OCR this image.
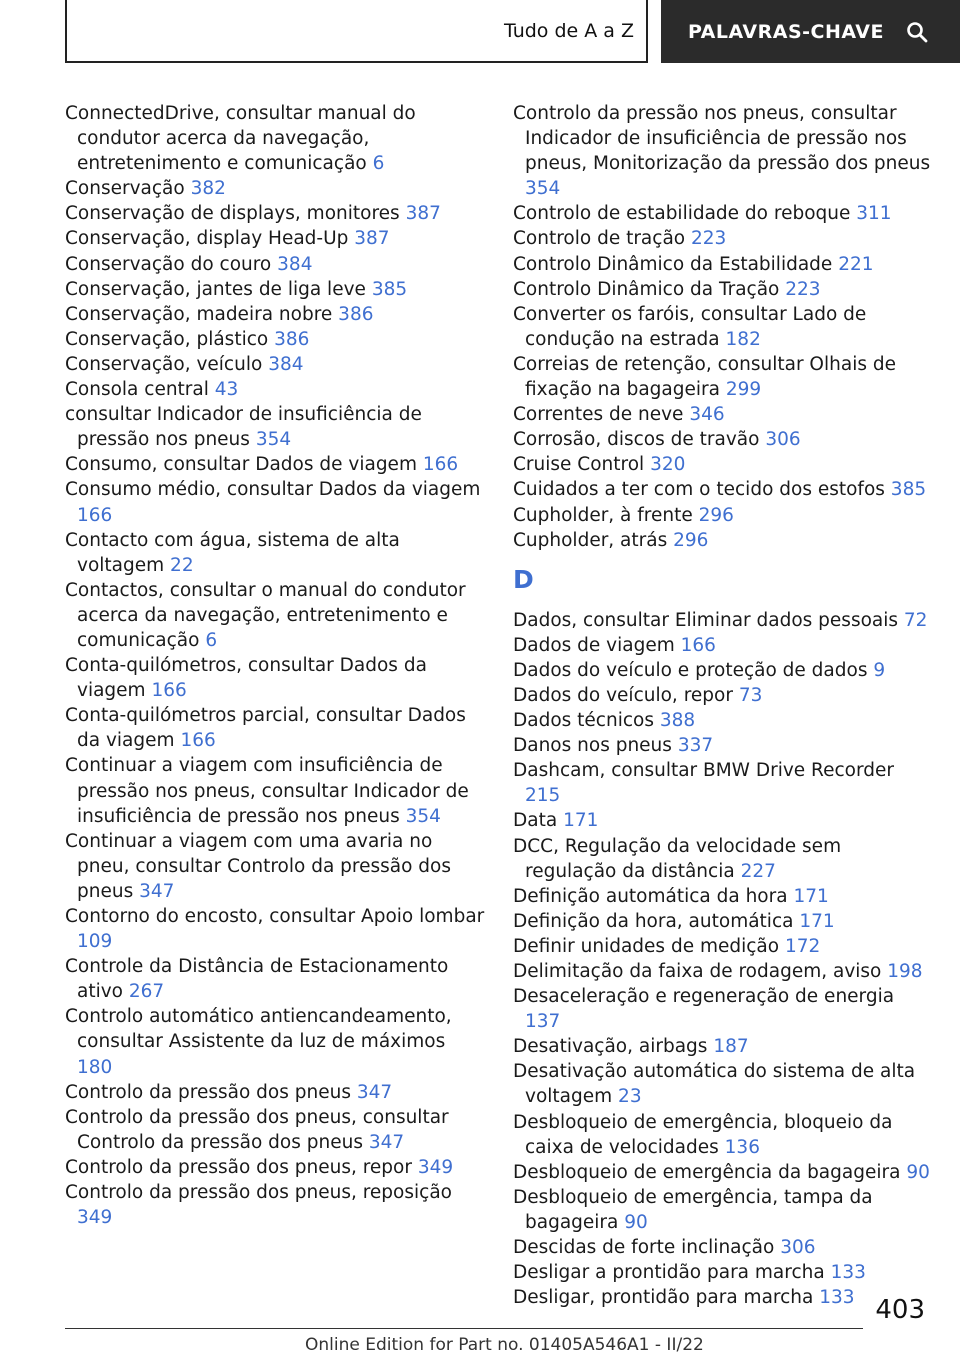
Tudo de A a Z	PALAVRAS-CHAVE
ConnectedDrive, consultar manual do condutor acerca da navegação, entretenimento e comunicação 6
Conservação 382
Conservação de displays, monitores 387
Conservação, display Head-Up 387
Conservação do couro 384
Conservação, jantes de liga leve 385
Conservação, madeira nobre 386
Conservação, plástico 386
Conservação, veículo 384
Consola central 43
consultar Indicador de insuficiência de pressão nos pneus 354
Consumo, consultar Dados de viagem 166
Consumo médio, consultar Dados da viagem 166
Contacto com água, sistema de alta voltagem 22
Contactos, consultar o manual do condutor acerca da navegação, entretenimento e comunicação 6
Conta-quilómetros, consultar Dados da viagem 166
Conta-quilómetros parcial, consultar Dados da viagem 166
Continuar a viagem com insuficiência de pressão nos pneus, consultar Indicador de insuficiência de pressão nos pneus 354
Continuar a viagem com uma avaria no pneu, consultar Controlo da pressão dos pneus 347
Contorno do encosto, consultar Apoio lombar 109
Controle da Distância de Estacionamento ativo 267
Controlo automático antiencandeamento, consultar Assistente da luz de máximos 180
Controlo da pressão dos pneus 347
Controlo da pressão dos pneus, consultar Controlo da pressão dos pneus 347
Controlo da pressão dos pneus, repor 349
Controlo da pressão dos pneus, reposição 349
Controlo da pressão nos pneus, consultar Indicador de insuficiência de pressão nos pneus, Monitorização da pressão dos pneus 354
Controlo de estabilidade do reboque 311
Controlo de tração 223
Controlo Dinâmico da Estabilidade 221
Controlo Dinâmico da Tração 223
Converter os faróis, consultar Lado de condução na estrada 182
Correias de retenção, consultar Olhais de fixação na bagageira 299
Correntes de neve 346
Corrosão, discos de travão 306
Cruise Control 320
Cuidados a ter com o tecido dos estofos 385
Cupholder, à frente 296
Cupholder, atrás 296
D
Dados, consultar Eliminar dados pessoais 72
Dados de viagem 166
Dados do veículo e proteção de dados 9
Dados do veículo, repor 73
Dados técnicos 388
Danos nos pneus 337
Dashcam, consultar BMW Drive Recorder 215
Data 171
DCC, Regulação da velocidade sem regulação da distância 227
Definição automática da hora 171
Definição da hora, automática 171
Definir unidades de medição 172
Delimitação da faixa de rodagem, aviso 198
Desaceleração e regeneração de energia 137
Desativação, airbags 187
Desativação automática do sistema de alta voltagem 23
Desbloqueio de emergência, bloqueio da caixa de velocidades 136
Desbloqueio de emergência da bagageira 90
Desbloqueio de emergência, tampa da bagageira 90
Descidas de forte inclinação 306
Desligar a prontidão para marcha 133
Desligar, prontidão para marcha 133 403
Online Edition for Part no. 01405A546A1 - II/22
